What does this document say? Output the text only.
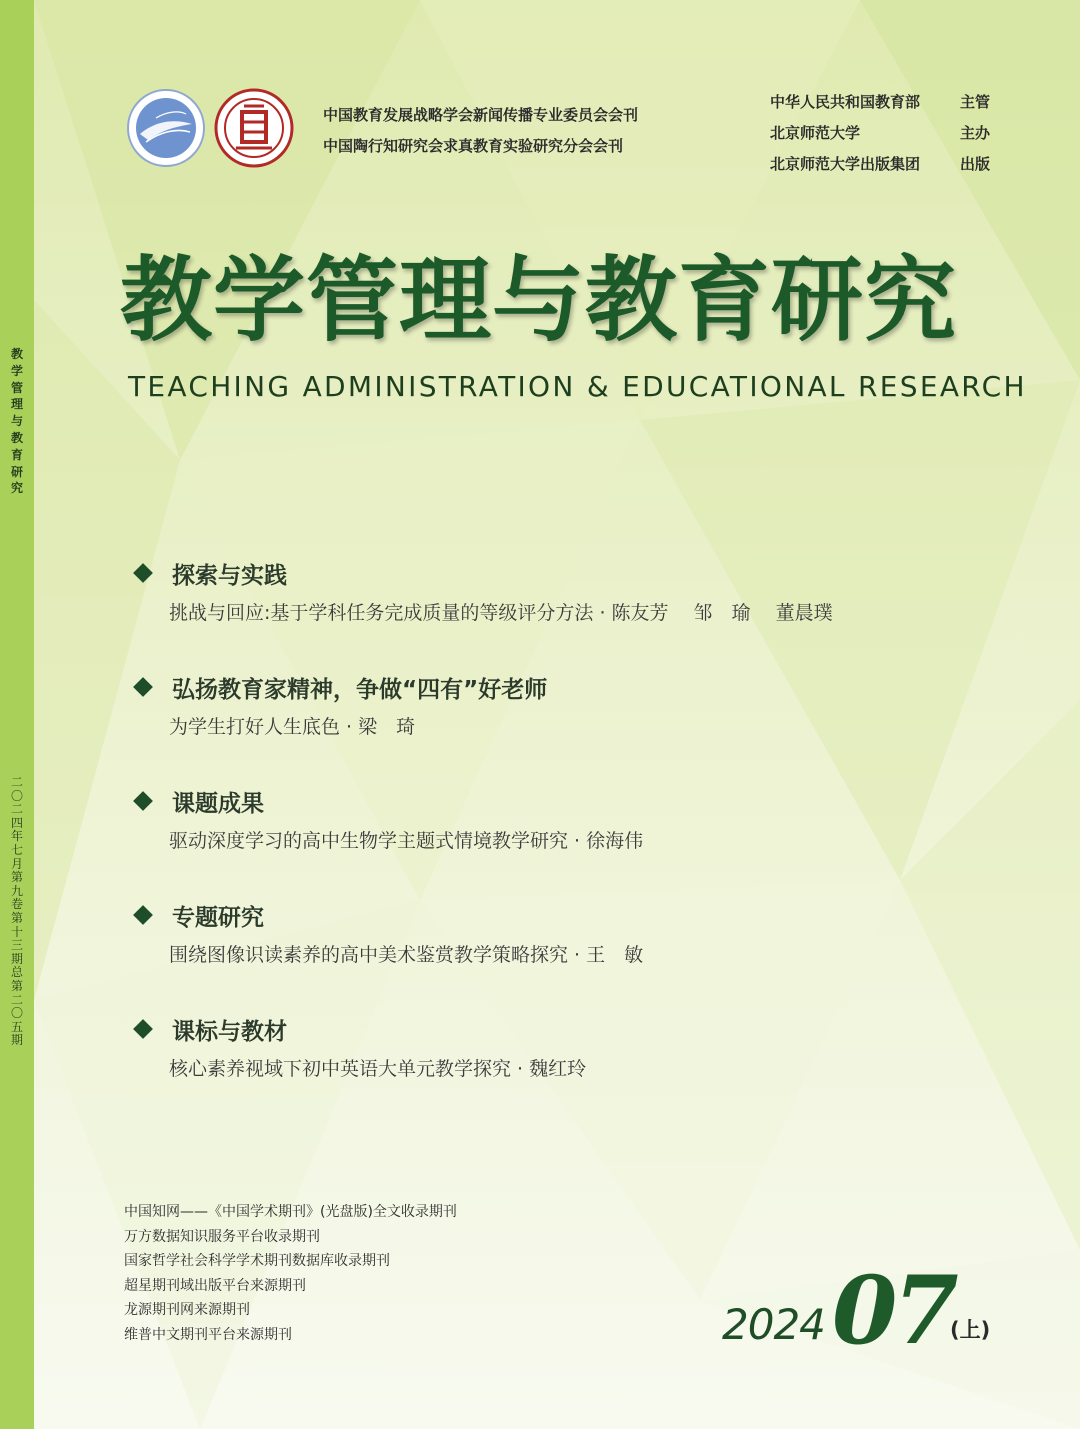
教学管理与教育研究
二〇二四年七月 第九卷 第十三期 总第二〇五期
中国教育发展战略学会新闻传播专业委员会会刊
中国陶行知研究会求真教育实验研究分会会刊
中华人民共和国教育部	主管
北京师范大学	主办
北京师范大学出版集团	出版
教学管理与教育研究
TEACHING ADMINISTRATION & EDUCATIONAL RESEARCH
探索与实践
挑战与回应:基于学科任务完成质量的等级评分方法 · 陈友芳　 邹　瑜　 董晨璞
弘扬教育家精神，争做“四有”好老师
为学生打好人生底色 · 梁　琦
课题成果
驱动深度学习的高中生物学主题式情境教学研究 · 徐海伟
专题研究
围绕图像识读素养的高中美术鉴赏教学策略探究 · 王　敏
课标与教材
核心素养视域下初中英语大单元教学探究 · 魏红玲
中国知网——《中国学术期刊》(光盘版)全文收录期刊
万方数据知识服务平台收录期刊
国家哲学社会科学学术期刊数据库收录期刊
超星期刊域出版平台来源期刊
龙源期刊网来源期刊
维普中文期刊平台来源期刊	2024 07
(上)
